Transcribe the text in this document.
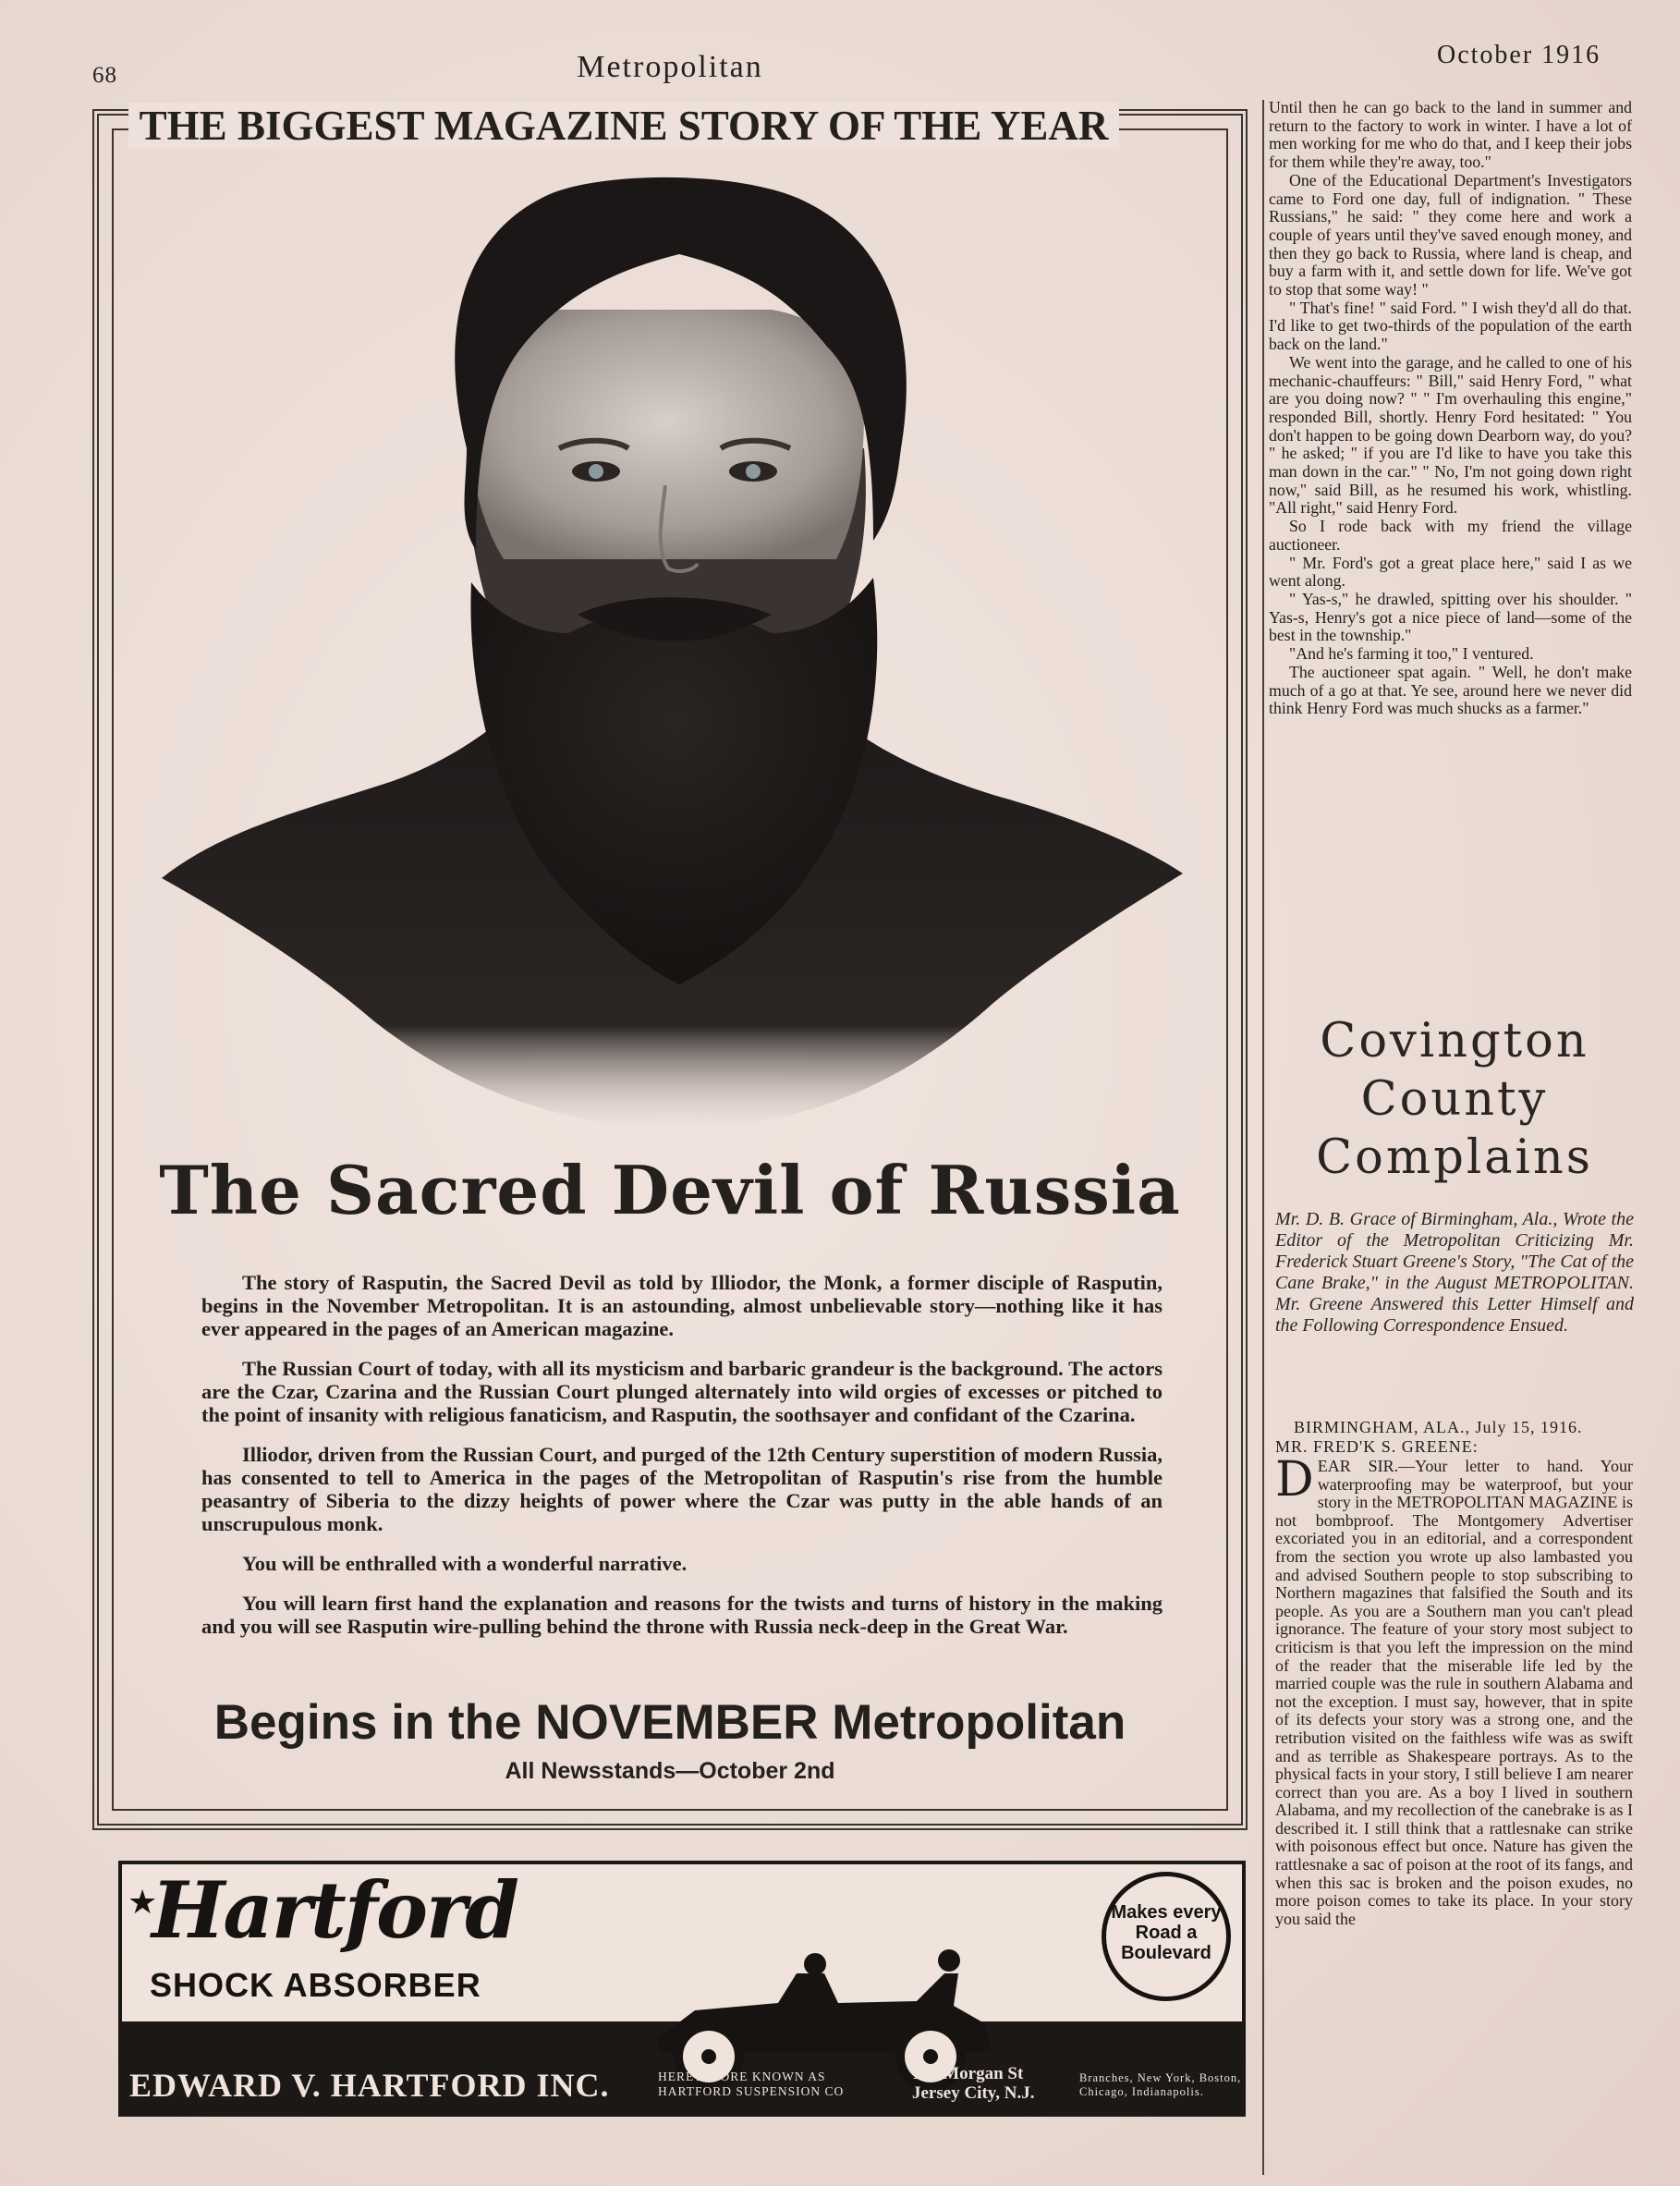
68	Metropolitan	October 1916
THE BIGGEST MAGAZINE STORY OF THE YEAR
The Sacred Devil of Russia

The story of Rasputin, the Sacred Devil as told by Illiodor, the Monk, a former disciple of Rasputin, begins in the November Metropolitan. It is an astounding, almost unbelievable story—nothing like it has ever appeared in the pages of an American magazine.

The Russian Court of today, with all its mysticism and barbaric grandeur is the background. The actors are the Czar, Czarina and the Russian Court plunged alternately into wild orgies of excesses or pitched to the point of insanity with religious fanaticism, and Rasputin, the soothsayer and confidant of the Czarina.

Illiodor, driven from the Russian Court, and purged of the 12th Century superstition of modern Russia, has consented to tell to America in the pages of the Metropolitan of Rasputin's rise from the humble peasantry of Siberia to the dizzy heights of power where the Czar was putty in the able hands of an unscrupulous monk.

You will be enthralled with a wonderful narrative.

You will learn first hand the explanation and reasons for the twists and turns of history in the making and you will see Rasputin wire-pulling behind the throne with Russia neck-deep in the Great War.

Begins in the NOVEMBER Metropolitan
All Newsstands—October 2nd
★
Hartford
SHOCK ABSORBER
Makes every
Road a
Boulevard
EDWARD V. HARTFORD INC.	HERETOFORE KNOWN AS
HARTFORD SUSPENSION CO
137 Morgan St
Jersey City, N.J.
Branches, New York, Boston,
Chicago, Indianapolis.

Until then he can go back to the land in summer and return to the factory to work in winter. I have a lot of men working for me who do that, and I keep their jobs for them while they're away, too."

One of the Educational Department's Investigators came to Ford one day, full of indignation. " These Russians," he said: " they come here and work a couple of years until they've saved enough money, and then they go back to Russia, where land is cheap, and buy a farm with it, and settle down for life. We've got to stop that some way! "

" That's fine! " said Ford. " I wish they'd all do that. I'd like to get two-thirds of the population of the earth back on the land."

We went into the garage, and he called to one of his mechanic-chauffeurs: " Bill," said Henry Ford, " what are you doing now? " " I'm overhauling this engine," responded Bill, shortly. Henry Ford hesitated: " You don't happen to be going down Dearborn way, do you? " he asked; " if you are I'd like to have you take this man down in the car." " No, I'm not going down right now," said Bill, as he resumed his work, whistling. "All right," said Henry Ford.

So I rode back with my friend the village auctioneer.

" Mr. Ford's got a great place here," said I as we went along.

" Yas-s," he drawled, spitting over his shoulder. " Yas-s, Henry's got a nice piece of land—some of the best in the township."

"And he's farming it too," I ventured.

The auctioneer spat again. " Well, he don't make much of a go at that. Ye see, around here we never did think Henry Ford was much shucks as a farmer."

Covington
County
Complains
Mr. D. B. Grace of Birmingham, Ala., Wrote the Editor of the Metropolitan Criticizing Mr. Frederick Stuart Greene's Story, "The Cat of the Cane Brake," in the August METROPOLITAN. Mr. Greene Answered this Letter Himself and the Following Correspondence Ensued.
BIRMINGHAM, ALA., July 15, 1916.
MR. FRED'K S. GREENE:
D EAR SIR.—Your letter to hand. Your waterproofing may be waterproof, but your story in the METROPOLITAN MAGAZINE is not bombproof. The Montgomery Advertiser excoriated you in an editorial, and a correspondent from the section you wrote up also lambasted you and advised Southern people to stop subscribing to Northern magazines that falsified the South and its people. As you are a Southern man you can't plead ignorance. The feature of your story most subject to criticism is that you left the impression on the mind of the reader that the miserable life led by the married couple was the rule in southern Alabama and not the exception. I must say, however, that in spite of its defects your story was a strong one, and the retribution visited on the faithless wife was as swift and as terrible as Shakespeare portrays. As to the physical facts in your story, I still believe I am nearer correct than you are. As a boy I lived in southern Alabama, and my recollection of the canebrake is as I described it. I still think that a rattlesnake can strike with poisonous effect but once. Nature has given the rattlesnake a sac of poison at the root of its fangs, and when this sac is broken and the poison exudes, no more poison comes to take its place. In your story you said the
